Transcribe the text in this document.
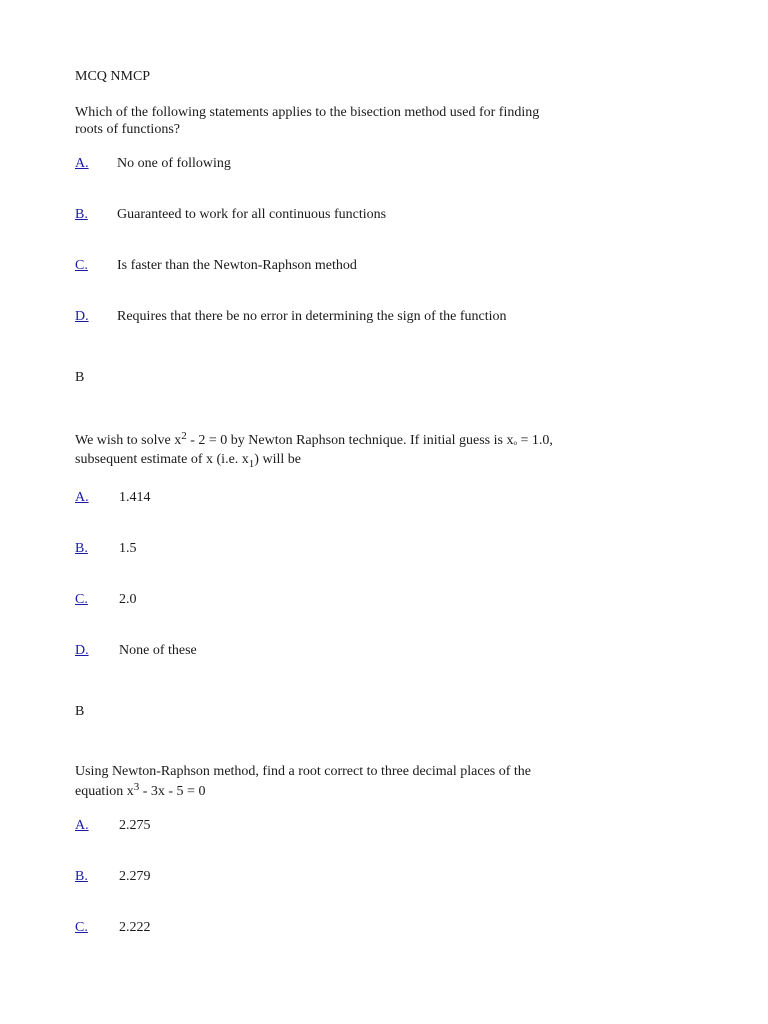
MCQ NMCP
Which of the following statements applies to the bisection method used for finding
roots of functions?
A. No one of following
B. Guaranteed to work for all continuous functions
C. Is faster than the Newton-Raphson method
D. Requires that there be no error in determining the sign of the function
B
We wish to solve $x^2 - 2 = 0$ by Newton Raphson technique. If initial guess is $x_o = 1.0$,
subsequent estimate of x (i.e. $x_1$) will be
A. 1.414
B. 1.5
C. 2.0
D. None of these
B
Using Newton-Raphson method, find a root correct to three decimal places of the
equation $x^3 - 3x - 5 = 0$
A. 2.275
B. 2.279
C. 2.222
